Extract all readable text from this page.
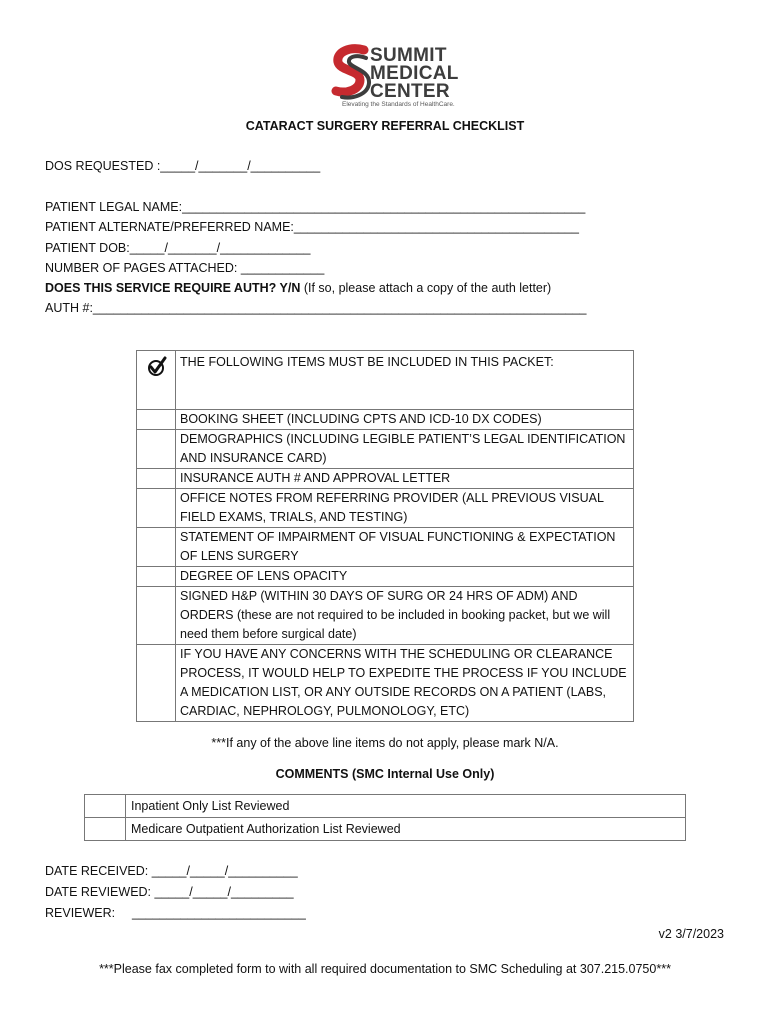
SUMMIT
MEDICAL
CENTER
Elevating the Standards of HealthCare.
CATARACT SURGERY REFERRAL CHECKLIST
DOS REQUESTED :_____/_______/__________
PATIENT LEGAL NAME:__________________________________________________________
PATIENT ALTERNATE/PREFERRED NAME:_________________________________________
PATIENT DOB:_____/_______/_____________
NUMBER OF PAGES ATTACHED: ____________
DOES THIS SERVICE REQUIRE AUTH? Y/N (If so, please attach a copy of the auth letter)
AUTH #:_______________________________________________________________________
	THE FOLLOWING ITEMS MUST BE INCLUDED IN THIS PACKET:
	BOOKING SHEET (INCLUDING CPTS AND ICD-10 DX CODES)
	DEMOGRAPHICS (INCLUDING LEGIBLE PATIENT’S LEGAL IDENTIFICATION AND INSURANCE CARD)
	INSURANCE AUTH # AND APPROVAL LETTER
	OFFICE NOTES FROM REFERRING PROVIDER (ALL PREVIOUS VISUAL FIELD EXAMS, TRIALS, AND TESTING)
	STATEMENT OF IMPAIRMENT OF VISUAL FUNCTIONING & EXPECTATION OF LENS SURGERY
	DEGREE OF LENS OPACITY
	SIGNED H&P (WITHIN 30 DAYS OF SURG OR 24 HRS OF ADM) AND ORDERS (these are not required to be included in booking packet, but we will need them before surgical date)
	IF YOU HAVE ANY CONCERNS WITH THE SCHEDULING OR CLEARANCE PROCESS, IT WOULD HELP TO EXPEDITE THE PROCESS IF YOU INCLUDE A MEDICATION LIST, OR ANY OUTSIDE RECORDS ON A PATIENT (LABS, CARDIAC, NEPHROLOGY, PULMONOLOGY, ETC)
***If any of the above line items do not apply, please mark N/A.
COMMENTS (SMC Internal Use Only)
	Inpatient Only List Reviewed
	Medicare Outpatient Authorization List Reviewed
DATE RECEIVED: _____/_____/__________
DATE REVIEWED: _____/_____/_________
REVIEWER: _________________________
v2 3/7/2023
***Please fax completed form to with all required documentation to SMC Scheduling at 307.215.0750***
